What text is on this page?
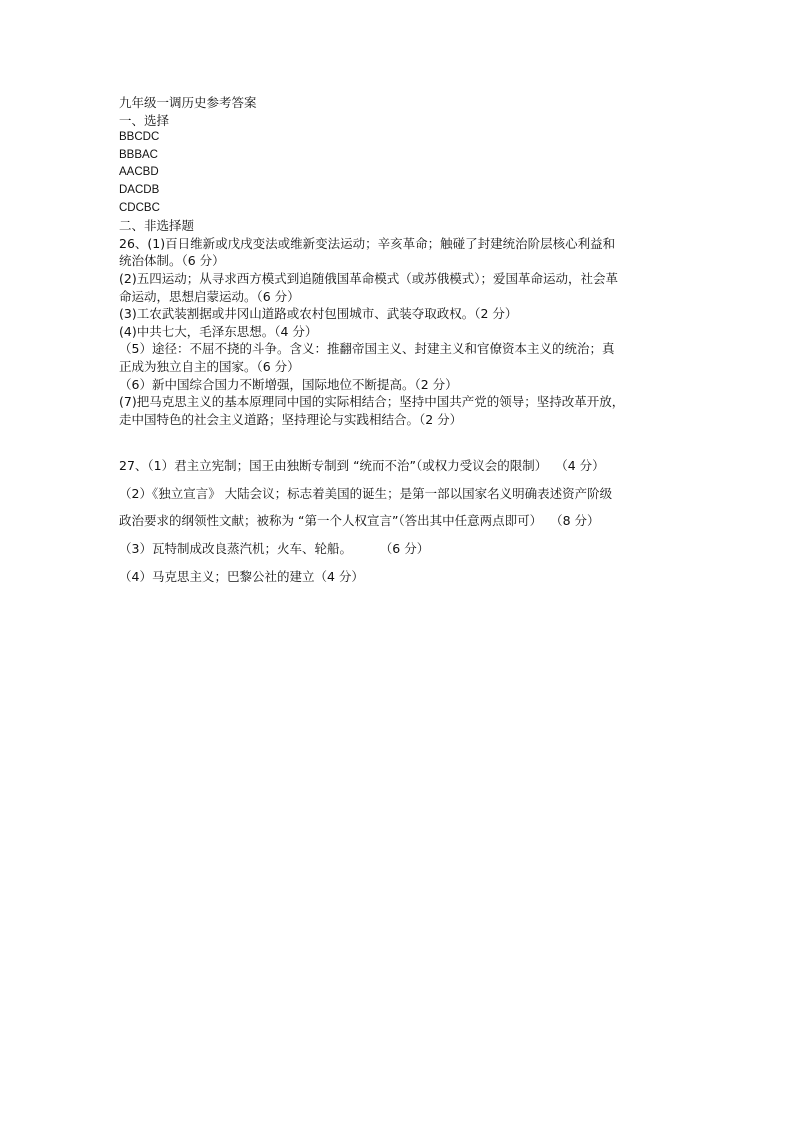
九年级一调历史参考答案
一、选择
BBCDC
BBBAC
AACBD
DACDB
CDCBC
二、非选择题
26、(1)百日维新或戊戌变法或维新变法运动；辛亥革命；触碰了封建统治阶层核心利益和
统治体制。（6 分）
(2)五四运动；从寻求西方模式到追随俄国革命模式（或苏俄模式）；爱国革命运动，社会革
命运动，思想启蒙运动。（6 分）
(3)工农武装割据或井冈山道路或农村包围城市、武装夺取政权。（2 分）
(4)中共七大，毛泽东思想。（4 分）
（5）途径：不屈不挠的斗争。含义：推翻帝国主义、封建主义和官僚资本主义的统治；真
正成为独立自主的国家。（6 分）
（6）新中国综合国力不断增强，国际地位不断提高。（2 分）
(7)把马克思主义的基本原理同中国的实际相结合；坚持中国共产党的领导；坚持改革开放，
走中国特色的社会主义道路；坚持理论与实践相结合。（2 分）
27、（1）君主立宪制；国王由独断专制到 “统而不治”（或权力受议会的限制）  （4 分）
（2）《独立宣言》 大陆会议；标志着美国的诞生；是第一部以国家名义明确表述资产阶级
政治要求的纲领性文献；被称为 “第一个人权宣言”（答出其中任意两点即可）  （8 分）
（3）瓦特制成改良蒸汽机；火车、轮船。       （6 分）
（4）马克思主义；巴黎公社的建立（4 分）
